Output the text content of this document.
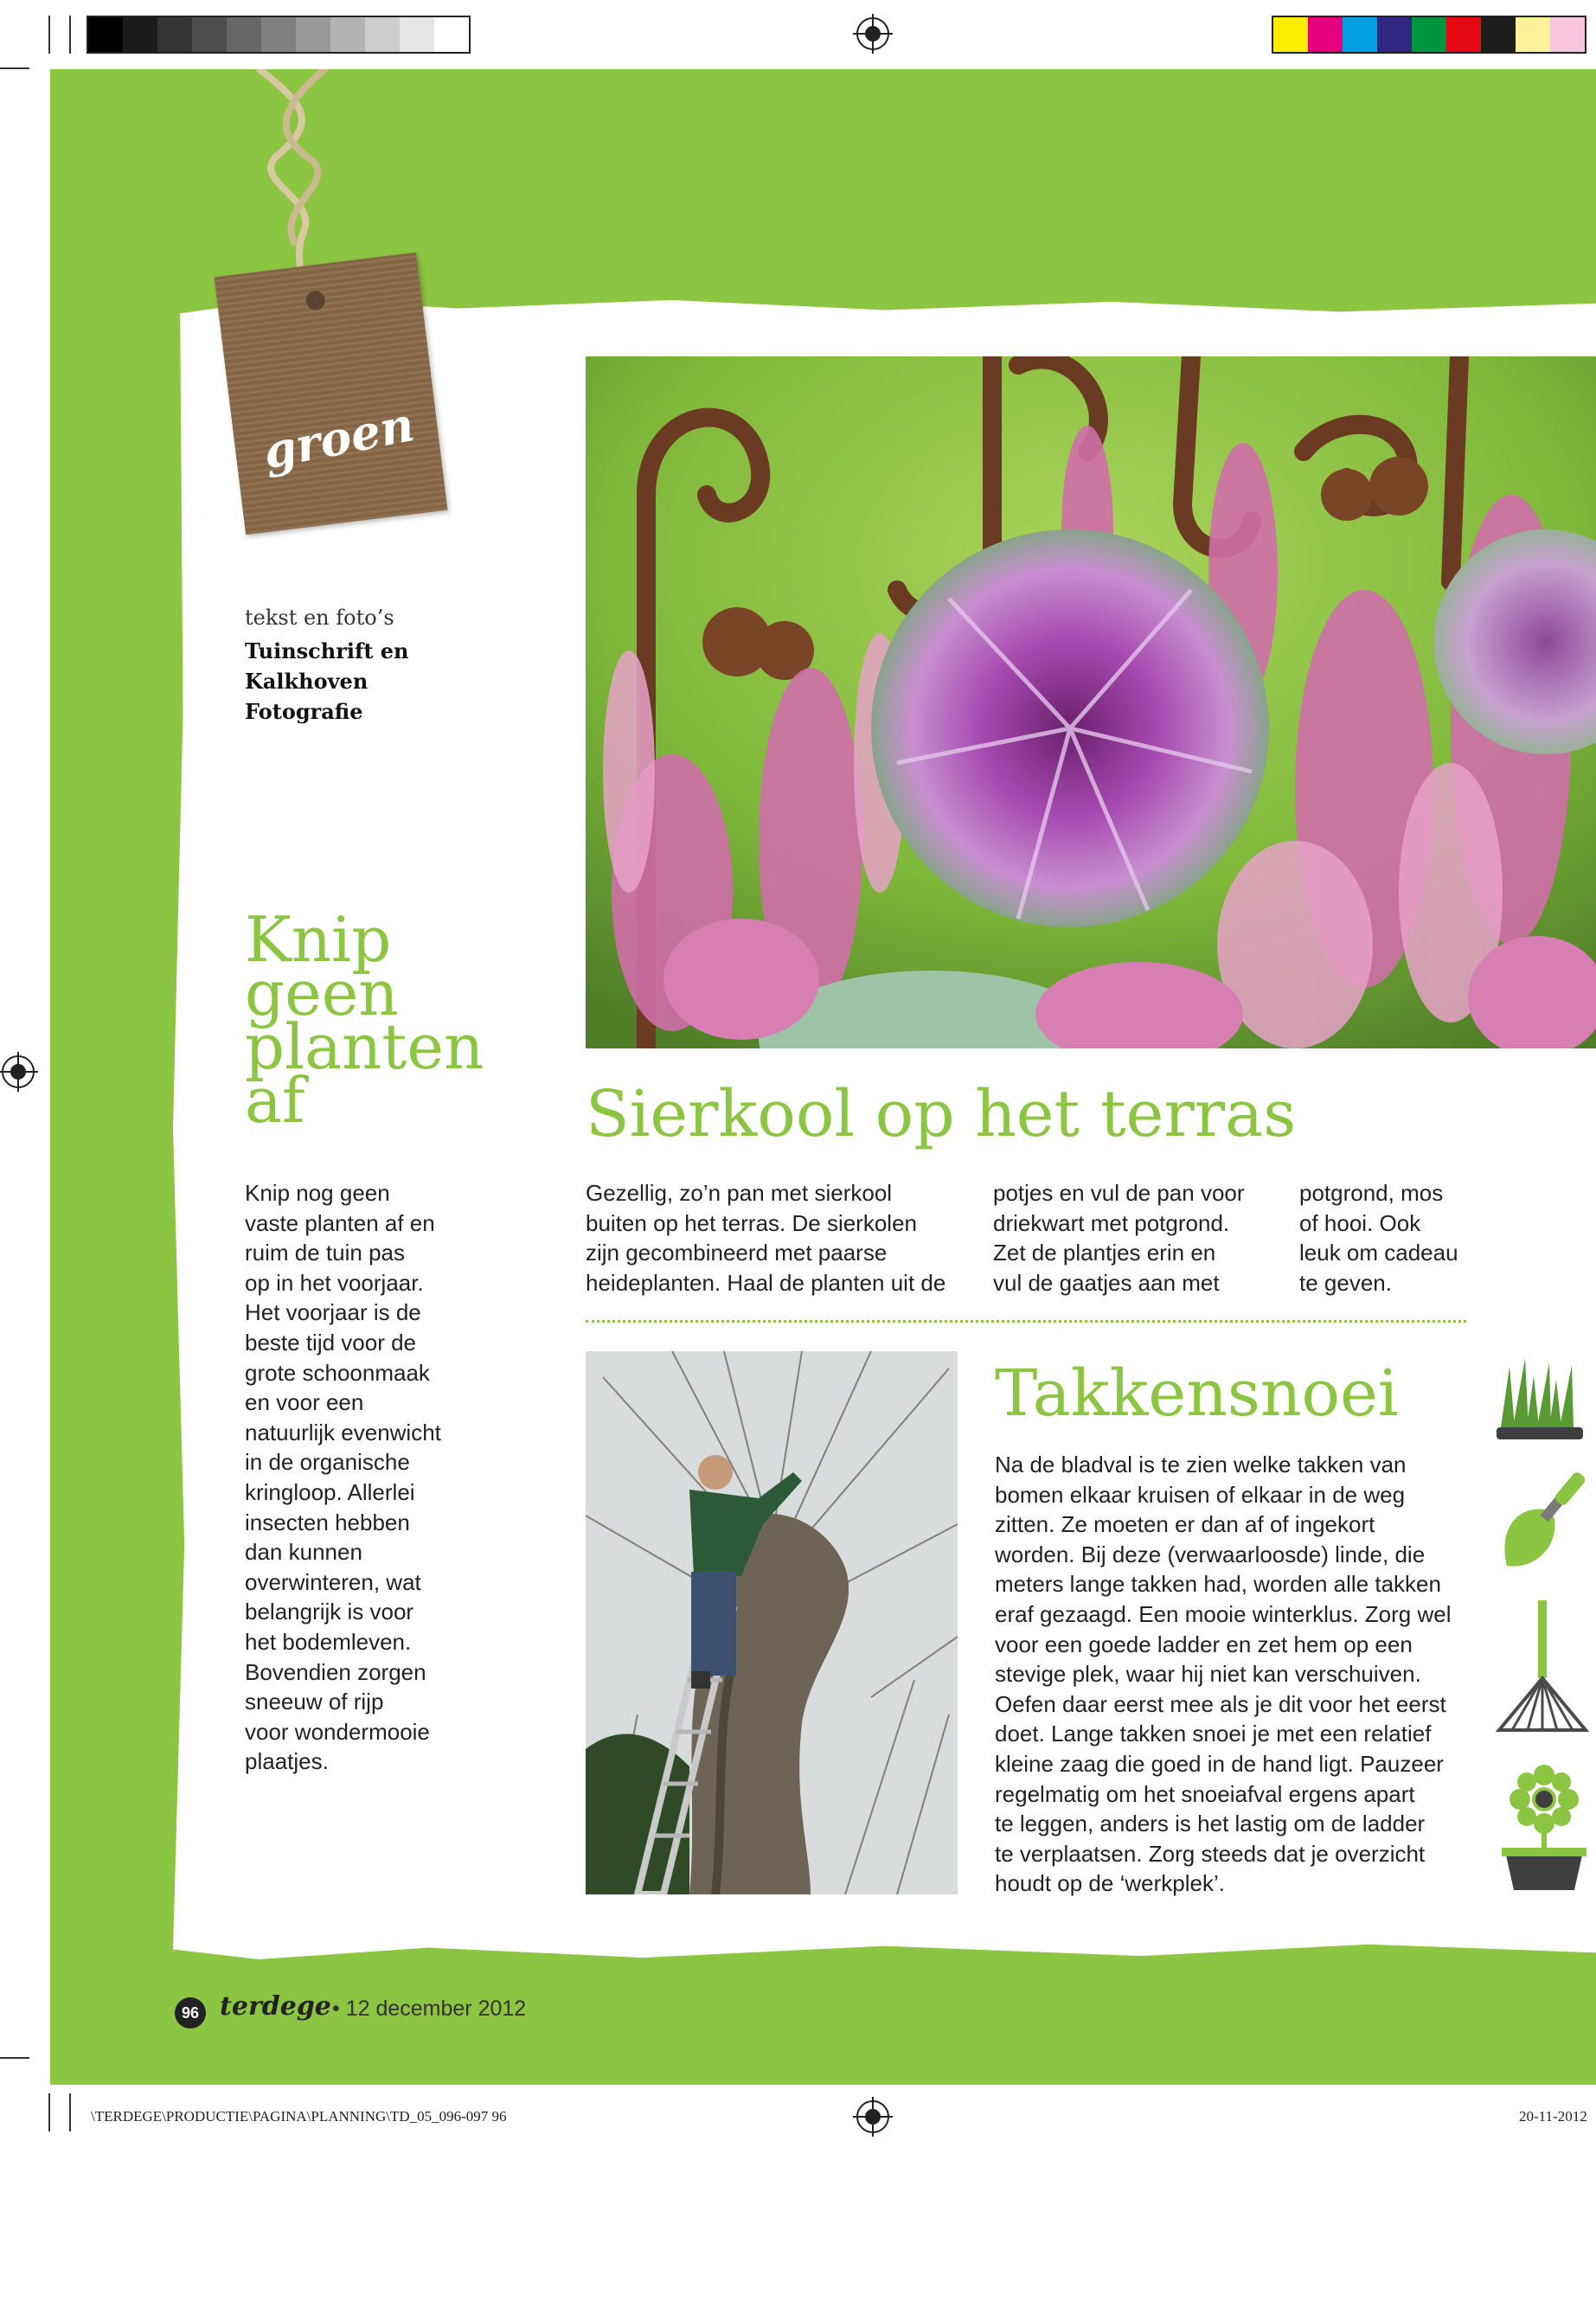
groen
tekst en foto’s
Tuinschrift en
Kalkhoven
Fotografie
Knip
geen
planten
af
Knip nog geen
vaste planten af en
ruim de tuin pas
op in het voorjaar.
Het voorjaar is de
beste tijd voor de
grote schoonmaak
en voor een
natuurlijk evenwicht
in de organische
kringloop. Allerlei
insecten hebben
dan kunnen
overwinteren, wat
belangrijk is voor
het bodemleven.
Bovendien zorgen
sneeuw of rijp
voor wondermooie
plaatjes.
Sierkool op het terras
Gezellig, zo’n pan met sierkool
buiten op het terras. De sierkolen
zijn gecombineerd met paarse
heideplanten. Haal de planten uit de
potjes en vul de pan voor
driekwart met potgrond.
Zet de plantjes erin en
vul de gaatjes aan met
potgrond, mos
of hooi. Ook
leuk om cadeau
te geven.
Takkensnoei
Na de bladval is te zien welke takken van
bomen elkaar kruisen of elkaar in de weg
zitten. Ze moeten er dan af of ingekort
worden. Bij deze (verwaarloosde) linde, die
meters lange takken had, worden alle takken
eraf gezaagd. Een mooie winterklus. Zorg wel
voor een goede ladder en zet hem op een
stevige plek, waar hij niet kan verschuiven.
Oefen daar eerst mee als je dit voor het eerst
doet. Lange takken snoei je met een relatief
kleine zaag die goed in de hand ligt. Pauzeer
regelmatig om het snoeiafval ergens apart
te leggen, anders is het lastig om de ladder
te verplaatsen. Zorg steeds dat je overzicht
houdt op de ‘werkplek’.
96 terdege • 12 december 2012
\TERDEGE\PRODUCTIE\PAGINA\PLANNING\TD_05_096-097 96	20-11-2012
